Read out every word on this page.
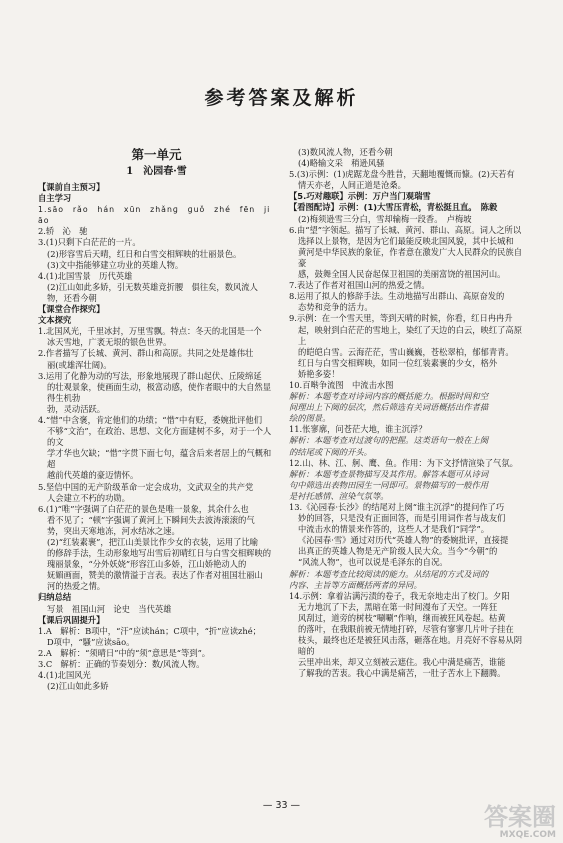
参考答案及解析
第一单元
1　沁园春·雪

【课前自主预习】

自主学习

1.sāo　rǎo　hán　xūn　zhǎnɡ　ɡuǒ　zhé　fēn　jiāo

2.轿　沁　驰

3.(1)只剩下白茫茫的一片。

(2)形容雪后天晴，红日和白雪交相辉映的壮丽景色。

(3)文中指能够建立功业的英雄人物。

4.(1)北国雪景　历代英雄

(2)江山如此多娇，引无数英雄竞折腰　俱往矣，数风流人

物，还看今朝

【课堂合作探究】

文本探究

1.北国风光，千里冰封，万里雪飘。特点：冬天的北国是一个

冰天雪地，广袤无垠的银色世界。

2.作者描写了长城、黄河、群山和高原。共同之处是雄伟壮

丽(或雄浑壮阔)。

3.运用了化静为动的写法，形象地展现了群山起伏、丘陵绵延

的壮观景象，使画面生动，极富动感，使作者眼中的大自然显得生机勃

勃，灵动活跃。

4.“惜”中含褒，肯定他们的功绩；“惜”中有贬，委婉批评他们

不够“文治”，在政治、思想、文化方面建树不多，对于一个人的文

学才华也欠缺；“惜”字贯下面七句，蕴含后来者居上的气概和超

越前代英雄的豪迈情怀。

5.坚信中国的无产阶级革命一定会成功，文武双全的共产党

人会建立不朽的功勋。

6.(1)“唯”字强调了白茫茫的景色是唯一景象，其余什么也

看不见了；“顿”字强调了黄河上下瞬间失去波涛滚滚的气

势，突出天寒地冻，河水结冰之速。

(2)“红装素裹”，把江山美景比作少女的衣装，运用了比喻

的修辞手法，生动形象地写出雪后初晴红日与白雪交相辉映的

瑰丽景象，“分外妖娆”形容江山多娇，江山娇艳动人的

妩媚画面，赞美的激情溢于言表。表达了作者对祖国壮丽山

河的热爱之情。

归纳总结

写景　祖国山河　论史　当代英雄

【课后巩固提升】

1.A　解析：B项中，“汗”应读hán；C项中，“折”应读zhé；

D项中，“騷”应读sāo。

2.A　解析：“须晴日”中的“须”意思是“等到”。

3.C　解析：正确的节奏划分：数/风流人物。

4.(1)北国风光

(2)江山如此多娇

(3)数风流人物，还看今朝

(4)略输文采　稍逊风骚

5.(3)示例：(1)虎踞龙盘今胜昔，天翻地覆慨而慷。(2)天若有

情天亦老，人间正道是沧桑。

【5.巧对趣联】示例：万户当门观瑞雪

【看图配诗】示例：(1)大雪压青松，青松挺且直。　陈毅

(2)梅须逊雪三分白，雪却输梅一段香。　卢梅坡

6.由“望”字领起。描写了长城、黄河、群山、高原。词人之所以

选择以上景物，是因为它们最能反映北国风貌，其中长城和

黄河是中华民族的象征，作者意在激发广大人民群众的民族自豪

感，鼓舞全国人民奋起保卫祖国的美丽富饶的祖国河山。

7.表达了作者对祖国山河的热爱之情。

8.运用了拟人的修辞手法。生动地描写出群山、高原奋发的

态势和竞争的活力。

9.示例：在一个雪天里，等到天晴的时候，你看，红日冉冉升

起，映射到白茫茫的雪地上，染红了天边的白云，映红了高原上

的皑皑白雪。云海茫茫，雪山巍巍，苍松翠柏，郁郁青青。

红日与白雪交相辉映，如同一位红装素裹的少女，格外

娇艳多姿！

10.百啭争流图　中流击水图

解析：本题考查对诗词内容的概括能力。根据时间和空

间理出上下阕的层次，然后筛选有关词语概括出作者描

绘的图景。

11.怅寥廓，问苍茫大地，谁主沉浮？

解析：本题考查对过渡句的把握。这类语句一般在上阕

的结尾或下阕的开头。

12.山、林、江、舸、鹰、鱼。作用：为下文抒情渲染了气氛。

解析：本题考查景物描写及其作用。解答本题可从诗词

句中筛选出表物田园生一同即可。景物描写的一般作用

是衬托感情、渲染气氛等。

13.《沁园春·长沙》的结尾对上阕“谁主沉浮”的提问作了巧

妙的回答，只是没有正面回答，而是引用词作者与战友们

中流击水的情景来作答的，这些人才是我们“同学”。

《沁园春·雪》通过对历代“英雄人物”的委婉批评，直接提

出真正的英雄人物是无产阶级人民大众。当今“今朝”的

“风流人物”，也可以说是毛泽东的自况。

解析：本题考查比较阅读的能力。从结尾的方式及词的

内容、主旨等方面概括两者的异同。

14.示例：拿着沾满污渍的卷子，我无奈地走出了校门。夕阳

无力地沉了下去，黑暗在第一时间漫布了天空。一阵狂

风刮过，道旁的树枝“唰唰”作响，继而被狂风卷起。枯黄

的落叶，在我眼前被无情地打碎，尽管有寥寥几片叶子挂在

枝头，最终也还是被狂风击落，砸落在地。月亮好不容易从阴暗的

云里冲出来，却又立刻被云遮住。我心中满是痛苦，谁能

了解我的苦衷。我心中满是痛苦，一肚子苦水上下翻腾。

— 33 —	答案圈
MXQE.COM
